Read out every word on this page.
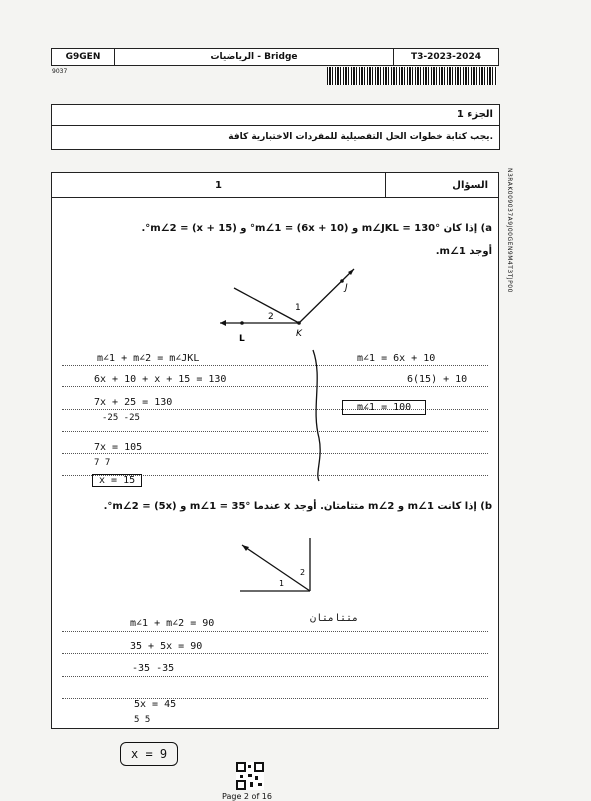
G9GEN	الرياضيات - Bridge	T3-2023-2024
9037
N3RAK009037A9J00GEN9M4T3TJP00
الجزء 1
يجب كتابة خطوات الحل التفصيلية للمفردات الاختبارية كافة.
1	السؤال
a) إذا كان m∠JKL = 130° و m∠1 = (6x + 10)° و m∠2 = (x + 15)°.
أوجد m∠1.
J
K
L
1
2
m∠1 + m∠2 = m∠JKL
6x + 10 + x + 15 = 130
7x + 25 = 130
-25 -25
7x = 105
7 7
x = 15
m∠1 = 6x + 10
6(15) + 10
m∠1 = 100
b) إذا كانت m∠1 و m∠2 متتامتان. أوجد x عندما m∠1 = 35° و m∠2 = (5x)°.
2
1
m∠1 + m∠2 = 90	متتامتان
35 + 5x = 90
-35 -35
5x = 45
5 5
x = 9
Page 2 of 16
